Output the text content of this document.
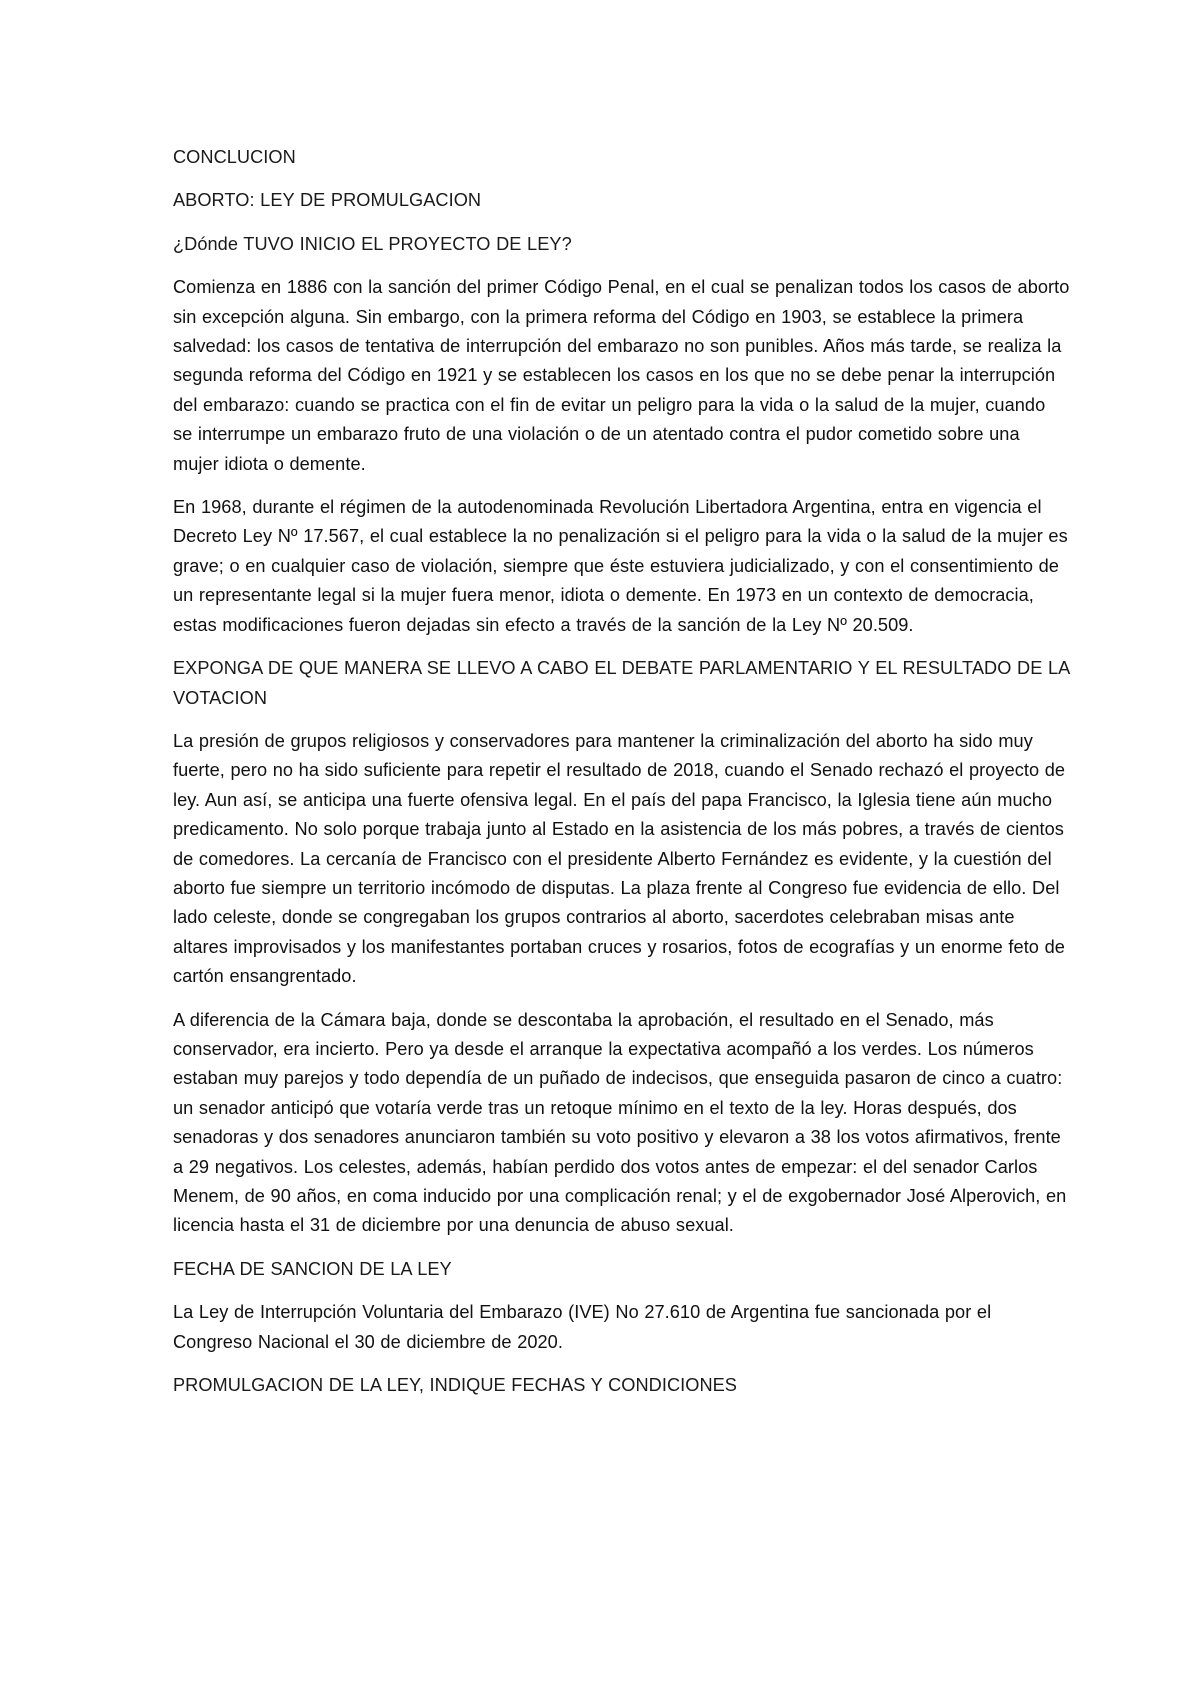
CONCLUCION

ABORTO: LEY DE PROMULGACION

¿Dónde TUVO INICIO EL PROYECTO DE LEY?

Comienza en 1886 con la sanción del primer Código Penal, en el cual se penalizan todos los casos de aborto sin excepción alguna. Sin embargo, con la primera reforma del Código en 1903, se establece la primera salvedad: los casos de tentativa de interrupción del embarazo no son punibles. Años más tarde, se realiza la segunda reforma del Código en 1921 y se establecen los casos en los que no se debe penar la interrupción del embarazo: cuando se practica con el fin de evitar un peligro para la vida o la salud de la mujer, cuando se interrumpe un embarazo fruto de una violación o de un atentado contra el pudor cometido sobre una mujer idiota o demente.

En 1968, durante el régimen de la autodenominada Revolución Libertadora Argentina, entra en vigencia el Decreto Ley Nº 17.567, el cual establece la no penalización si el peligro para la vida o la salud de la mujer es grave; o en cualquier caso de violación, siempre que éste estuviera judicializado, y con el consentimiento de un representante legal si la mujer fuera menor, idiota o demente. En 1973 en un contexto de democracia, estas modificaciones fueron dejadas sin efecto a través de la sanción de la Ley Nº 20.509.

EXPONGA DE QUE MANERA SE LLEVO A CABO EL DEBATE PARLAMENTARIO Y EL RESULTADO DE LA VOTACION

La presión de grupos religiosos y conservadores para mantener la criminalización del aborto ha sido muy fuerte, pero no ha sido suficiente para repetir el resultado de 2018, cuando el Senado rechazó el proyecto de ley. Aun así, se anticipa una fuerte ofensiva legal. En el país del papa Francisco, la Iglesia tiene aún mucho predicamento. No solo porque trabaja junto al Estado en la asistencia de los más pobres, a través de cientos de comedores. La cercanía de Francisco con el presidente Alberto Fernández es evidente, y la cuestión del aborto fue siempre un territorio incómodo de disputas. La plaza frente al Congreso fue evidencia de ello. Del lado celeste, donde se congregaban los grupos contrarios al aborto, sacerdotes celebraban misas ante altares improvisados y los manifestantes portaban cruces y rosarios, fotos de ecografías y un enorme feto de cartón ensangrentado.

A diferencia de la Cámara baja, donde se descontaba la aprobación, el resultado en el Senado, más conservador, era incierto. Pero ya desde el arranque la expectativa acompañó a los verdes. Los números estaban muy parejos y todo dependía de un puñado de indecisos, que enseguida pasaron de cinco a cuatro: un senador anticipó que votaría verde tras un retoque mínimo en el texto de la ley. Horas después, dos senadoras y dos senadores anunciaron también su voto positivo y elevaron a 38 los votos afirmativos, frente a 29 negativos. Los celestes, además, habían perdido dos votos antes de empezar: el del senador Carlos Menem, de 90 años, en coma inducido por una complicación renal; y el de exgobernador José Alperovich, en licencia hasta el 31 de diciembre por una denuncia de abuso sexual.

FECHA DE SANCION DE LA LEY

La Ley de Interrupción Voluntaria del Embarazo (IVE) No 27.610 de Argentina fue sancionada por el Congreso Nacional el 30 de diciembre de 2020.

PROMULGACION DE LA LEY, INDIQUE FECHAS Y CONDICIONES
